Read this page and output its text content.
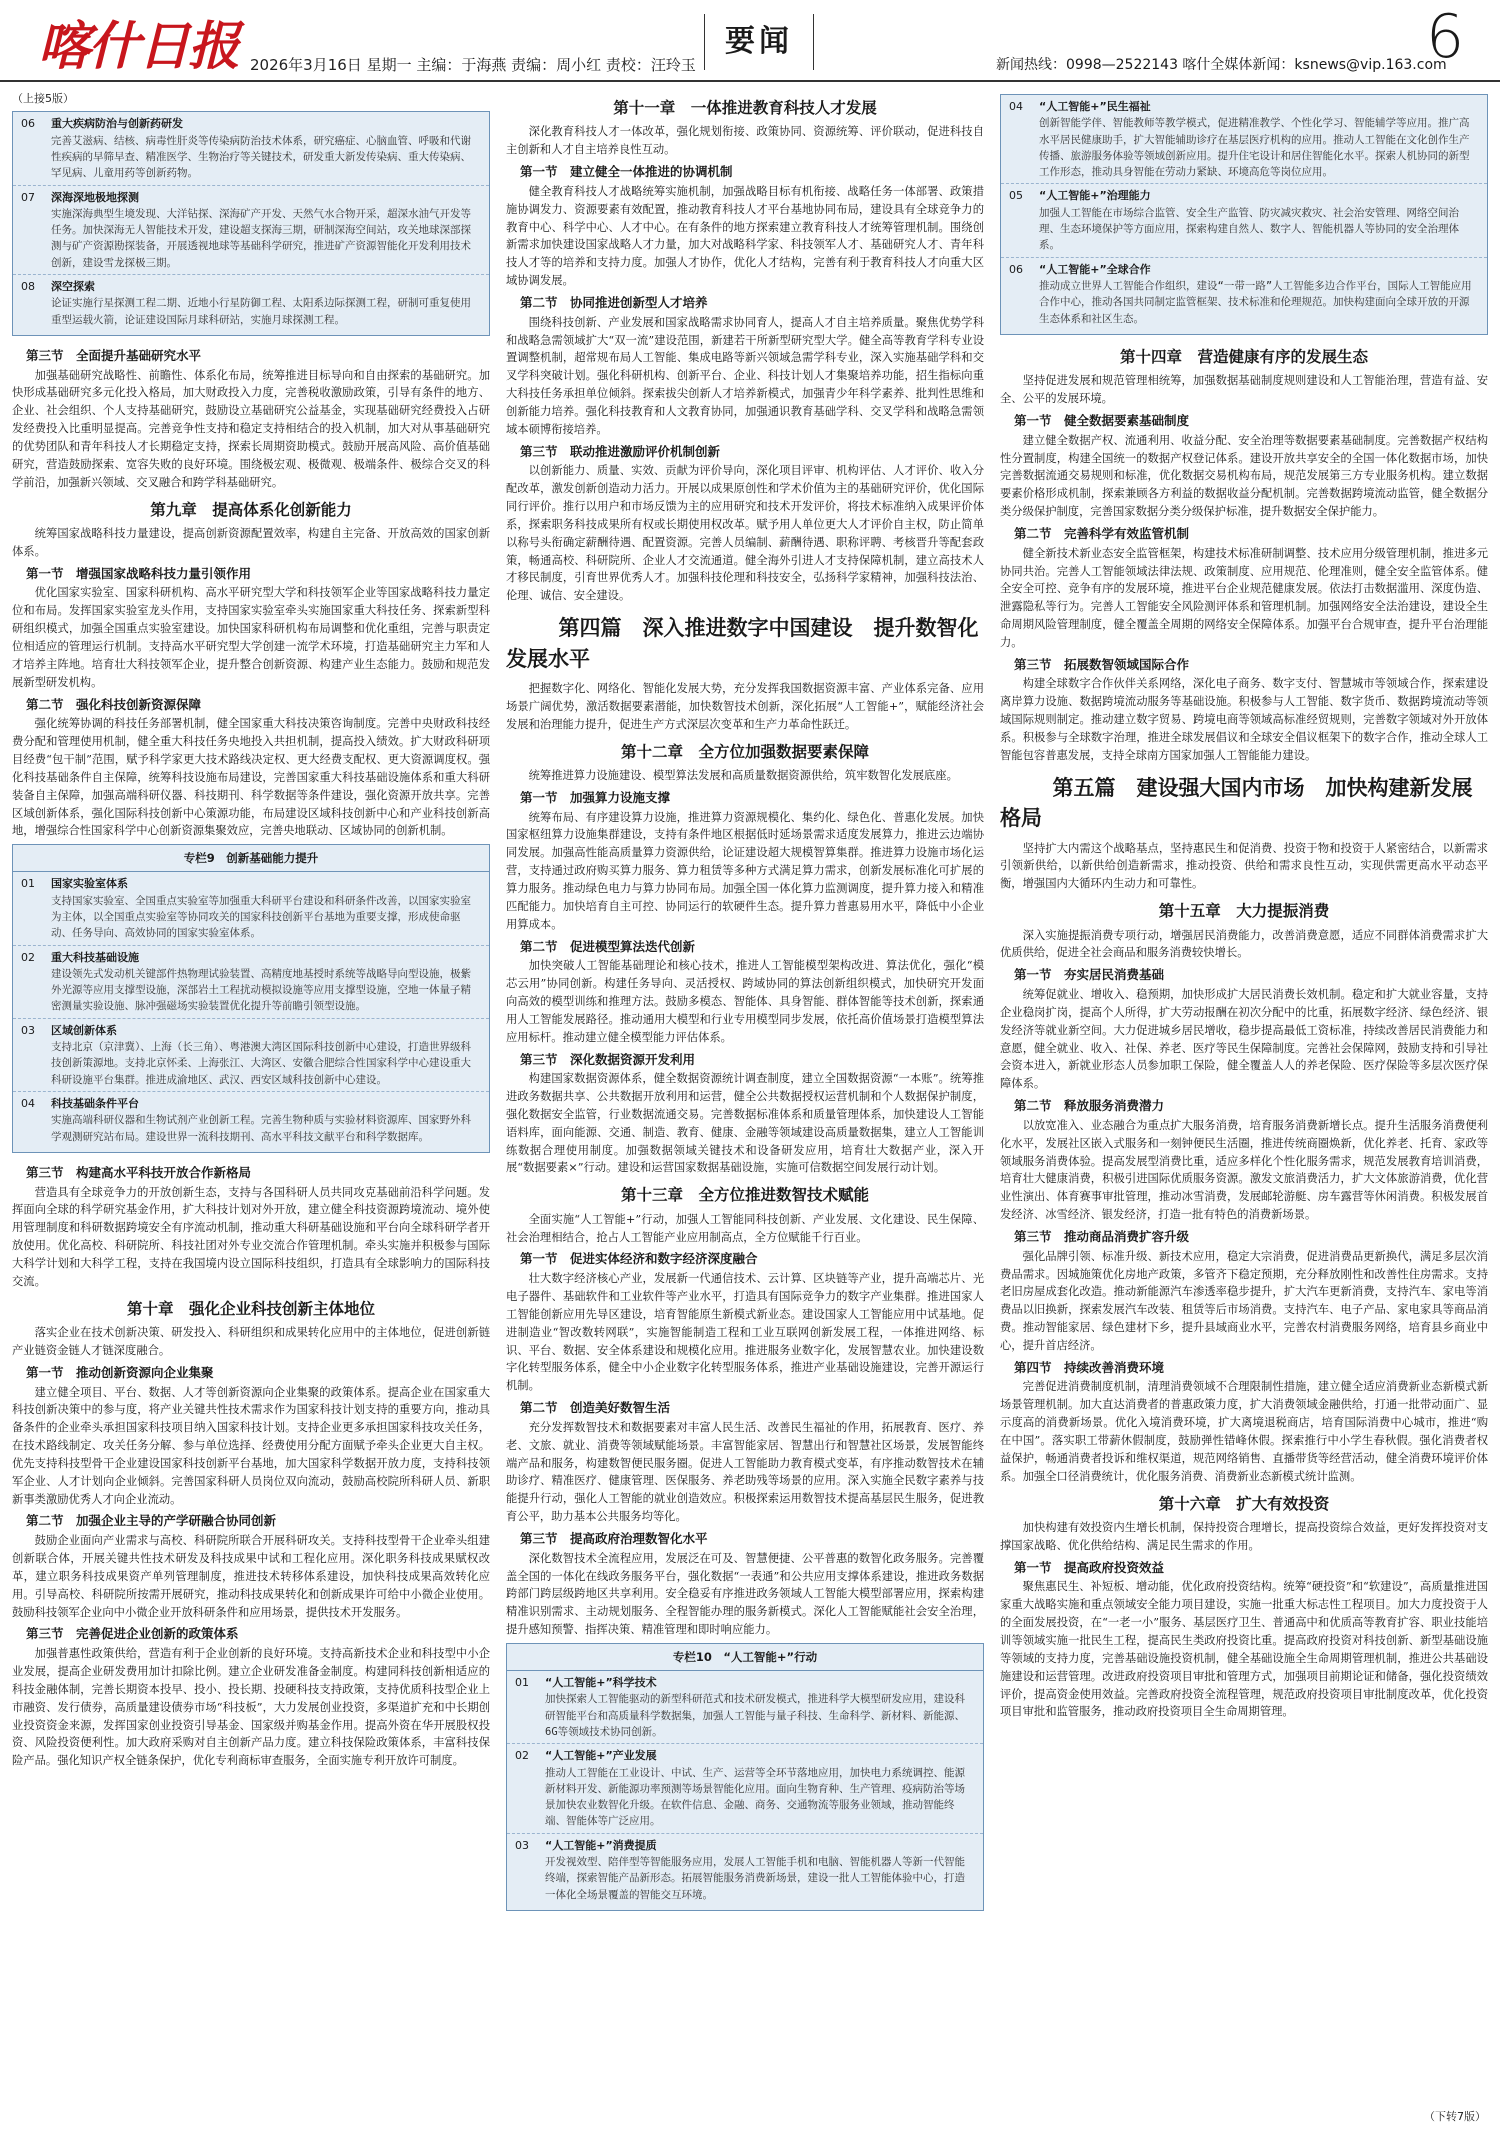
喀什日报 2026年3月16日 星期一 主编：于海燕 责编：周小红 责校：汪玲玉
要闻
新闻热线：0998—2522143 喀什全媒体新闻：ksnews@vip.163.com
6
（上接5版）
06	重大疾病防治与创新药研发
完善艾滋病、结核、病毒性肝炎等传染病防治技术体系，研究癌症、心脑血管、呼吸和代谢性疾病的早筛早查、精准医学、生物治疗等关键技术，研发重大新发传染病、重大传染病、罕见病、儿童用药等创新药物。
07	深海深地极地探测
实施深海典型生境发现、大洋钻探、深海矿产开发、天然气水合物开采，超深水油气开发等任务。加快深海无人智能技术开发，建设超支探海三期，研制深海空间站，攻关地球深部探测与矿产资源勘探装备，开展透视地球等基础科学研究，推进矿产资源智能化开发利用技术创新，建设雪龙探极三期。
08	深空探索
论证实施行星探测工程二期、近地小行星防御工程、太阳系边际探测工程，研制可重复使用重型运载火箭，论证建设国际月球科研站，实施月球探测工程。
第三节　全面提升基础研究水平

加强基础研究战略性、前瞻性、体系化布局，统筹推进目标导向和自由探索的基础研究。加快形成基础研究多元化投入格局，加大财政投入力度，完善税收激励政策，引导有条件的地方、企业、社会组织、个人支持基础研究，鼓励设立基础研究公益基金，实现基础研究经费投入占研发经费投入比重明显提高。完善竞争性支持和稳定支持相结合的投入机制，加大对从事基础研究的优势团队和青年科技人才长期稳定支持，探索长周期资助模式。鼓励开展高风险、高价值基础研究，营造鼓励探索、宽容失败的良好环境。围绕极宏观、极微观、极端条件、极综合交叉的科学前沿，加强新兴领域、交叉融合和跨学科基础研究。

第九章　提高体系化创新能力

统筹国家战略科技力量建设，提高创新资源配置效率，构建自主完备、开放高效的国家创新体系。

第一节　增强国家战略科技力量引领作用

优化国家实验室、国家科研机构、高水平研究型大学和科技领军企业等国家战略科技力量定位和布局。发挥国家实验室龙头作用，支持国家实验室牵头实施国家重大科技任务、探索新型科研组织模式，加强全国重点实验室建设。加快国家科研机构布局调整和优化重组，完善与职责定位相适应的管理运行机制。支持高水平研究型大学创建一流学术环境，打造基础研究主力军和人才培养主阵地。培育壮大科技领军企业，提升整合创新资源、构建产业生态能力。鼓励和规范发展新型研发机构。

第二节　强化科技创新资源保障

强化统筹协调的科技任务部署机制，健全国家重大科技决策咨询制度。完善中央财政科技经费分配和管理使用机制，健全重大科技任务央地投入共担机制，提高投入绩效。扩大财政科研项目经费“包干制”范围，赋予科学家更大技术路线决定权、更大经费支配权、更大资源调度权。强化科技基础条件自主保障，统筹科技设施布局建设，完善国家重大科技基础设施体系和重大科研装备自主保障，加强高端科研仪器、科技期刊、科学数据等条件建设，强化资源开放共享。完善区域创新体系，强化国际科技创新中心策源功能，布局建设区域科技创新中心和产业科技创新高地，增强综合性国家科学中心创新资源集聚效应，完善央地联动、区域协同的创新机制。

专栏9　创新基础能力提升
01	国家实验室体系
支持国家实验室、全国重点实验室等加强重大科研平台建设和科研条件改善，以国家实验室为主体，以全国重点实验室等协同攻关的国家科技创新平台基地为重要支撑，形成使命驱动、任务导向、高效协同的国家实验室体系。
02	重大科技基础设施
建设领先式发动机关键部件热物理试验装置、高精度地基授时系统等战略导向型设施，极紫外光源等应用支撑型设施，深部岩土工程扰动模拟设施等应用支撑型设施，空地一体量子精密测量实验设施、脉冲强磁场实验装置优化提升等前瞻引领型设施。
03	区域创新体系
支持北京（京津冀）、上海（长三角）、粤港澳大湾区国际科技创新中心建设，打造世界级科技创新策源地。支持北京怀柔、上海张江、大湾区、安徽合肥综合性国家科学中心建设重大科研设施平台集群。推进成渝地区、武汉、西安区域科技创新中心建设。
04	科技基础条件平台
实施高端科研仪器和生物试剂产业创新工程。完善生物种质与实验材料资源库、国家野外科学观测研究站布局。建设世界一流科技期刊、高水平科技文献平台和科学数据库。
第三节　构建高水平科技开放合作新格局

营造具有全球竞争力的开放创新生态，支持与各国科研人员共同攻克基础前沿科学问题。发挥面向全球的科学研究基金作用，扩大科技计划对外开放，建立健全科技资源跨境流动、境外使用管理制度和科研数据跨境安全有序流动机制，推动重大科研基础设施和平台向全球科研学者开放使用。优化高校、科研院所、科技社团对外专业交流合作管理机制。牵头实施并积极参与国际大科学计划和大科学工程，支持在我国境内设立国际科技组织，打造具有全球影响力的国际科技交流。

第十章　强化企业科技创新主体地位

落实企业在技术创新决策、研发投入、科研组织和成果转化应用中的主体地位，促进创新链产业链资金链人才链深度融合。

第一节　推动创新资源向企业集聚

建立健全项目、平台、数据、人才等创新资源向企业集聚的政策体系。提高企业在国家重大科技创新决策中的参与度，将产业关键共性技术需求作为国家科技计划支持的重要方向，推动具备条件的企业牵头承担国家科技项目纳入国家科技计划。支持企业更多承担国家科技攻关任务，在技术路线制定、攻关任务分解、参与单位选择、经费使用分配方面赋予牵头企业更大自主权。优先支持科技型骨干企业建设国家科技创新平台基地，加大国家科学数据开放力度，支持科技领军企业、人才计划向企业倾斜。完善国家科研人员岗位双向流动，鼓励高校院所科研人员、新职新事类激励优秀人才向企业流动。

第二节　加强企业主导的产学研融合协同创新

鼓励企业面向产业需求与高校、科研院所联合开展科研攻关。支持科技型骨干企业牵头组建创新联合体，开展关键共性技术研发及科技成果中试和工程化应用。深化职务科技成果赋权改革，建立职务科技成果资产单列管理制度，推进技术转移体系建设，加快科技成果高效转化应用。引导高校、科研院所按需开展研究，推动科技成果转化和创新成果许可给中小微企业使用。鼓励科技领军企业向中小微企业开放科研条件和应用场景，提供技术开发服务。

第三节　完善促进企业创新的政策体系

加强普惠性政策供给，营造有利于企业创新的良好环境。支持高新技术企业和科技型中小企业发展，提高企业研发费用加计扣除比例。建立企业研发准备金制度。构建同科技创新相适应的科技金融体制，完善长期资本投早、投小、投长期、投硬科技支持政策，支持优质科技型企业上市融资、发行债券，高质量建设债券市场“科技板”，大力发展创业投资，多渠道扩充和中长期创业投资资金来源，发挥国家创业投资引导基金、国家级并购基金作用。提高外资在华开展股权投资、风险投资便利性。加大政府采购对自主创新产品力度。建立科技保险政策体系，丰富科技保险产品。强化知识产权全链条保护，优化专利商标审查服务，全面实施专利开放许可制度。

第十一章　一体推进教育科技人才发展

深化教育科技人才一体改革，强化规划衔接、政策协同、资源统筹、评价联动，促进科技自主创新和人才自主培养良性互动。

第一节　建立健全一体推进的协调机制

健全教育科技人才战略统筹实施机制，加强战略目标有机衔接、战略任务一体部署、政策措施协调发力、资源要素有效配置，推动教育科技人才平台基地协同布局，建设具有全球竞争力的教育中心、科学中心、人才中心。在有条件的地方探索建立教育科技人才统筹管理机制。围绕创新需求加快建设国家战略人才力量，加大对战略科学家、科技领军人才、基础研究人才、青年科技人才等的培养和支持力度。加强人才协作，优化人才结构，完善有利于教育科技人才向重大区域协调发展。

第二节　协同推进创新型人才培养

围绕科技创新、产业发展和国家战略需求协同育人，提高人才自主培养质量。聚焦优势学科和战略急需领域扩大“双一流”建设范围，新建若干所新型研究型大学。健全高等教育学科专业设置调整机制，超常规布局人工智能、集成电路等新兴领域急需学科专业，深入实施基础学科和交叉学科突破计划。强化科研机构、创新平台、企业、科技计划人才集聚培养功能，招生指标向重大科技任务承担单位倾斜。探索拔尖创新人才培养新模式，加强青少年科学素养、批判性思维和创新能力培养。强化科技教育和人文教育协同，加强通识教育基础学科、交叉学科和战略急需领域本硕博衔接培养。

第三节　联动推进激励评价机制创新

以创新能力、质量、实效、贡献为评价导向，深化项目评审、机构评估、人才评价、收入分配改革，激发创新创造动力活力。开展以成果原创性和学术价值为主的基础研究评价，优化国际同行评价。推行以用户和市场反馈为主的应用研究和技术开发评价，将技术标准纳入成果评价体系，探索职务科技成果所有权或长期使用权改革。赋予用人单位更大人才评价自主权，防止简单以称号头衔确定薪酬待遇、配置资源。完善人员编制、薪酬待遇、职称评聘、考核晋升等配套政策，畅通高校、科研院所、企业人才交流通道。健全海外引进人才支持保障机制，建立高技术人才移民制度，引育世界优秀人才。加强科技伦理和科技安全，弘扬科学家精神，加强科技法治、伦理、诚信、安全建设。

第四篇　深入推进数字中国建设　提升数智化发展水平

把握数字化、网络化、智能化发展大势，充分发挥我国数据资源丰富、产业体系完备、应用场景广阔优势，激活数据要素潜能，加快数智技术创新，深化拓展“人工智能+”，赋能经济社会发展和治理能力提升，促进生产方式深层次变革和生产力革命性跃迁。

第十二章　全方位加强数据要素保障

统筹推进算力设施建设、模型算法发展和高质量数据资源供给，筑牢数智化发展底座。

第一节　加强算力设施支撑

统筹布局、有序建设算力设施，推进算力资源规模化、集约化、绿色化、普惠化发展。加快国家枢纽算力设施集群建设，支持有条件地区根据低时延场景需求适度发展算力，推进云边端协同发展。加强高性能高质量算力资源供给，论证建设超大规模智算集群。推进算力设施市场化运营，支持通过政府购买算力服务、算力租赁等多种方式满足算力需求，创新发展标准化可扩展的算力服务。推动绿色电力与算力协同布局。加强全国一体化算力监测调度，提升算力接入和精准匹配能力。加快培育自主可控、协同运行的软硬件生态。提升算力普惠易用水平，降低中小企业用算成本。

第二节　促进模型算法迭代创新

加快突破人工智能基础理论和核心技术，推进人工智能模型架构改进、算法优化，强化“模芯云用”协同创新。构建任务导向、灵活授权、跨域协同的算法创新组织模式，加快研究开发面向高效的模型训练和推理方法。鼓励多模态、智能体、具身智能、群体智能等技术创新，探索通用人工智能发展路径。推动通用大模型和行业专用模型同步发展，依托高价值场景打造模型算法应用标杆。推动建立健全模型能力评估体系。

第三节　深化数据资源开发利用

构建国家数据资源体系，健全数据资源统计调查制度，建立全国数据资源“一本账”。统筹推进政务数据共享、公共数据开放利用和运营，健全公共数据授权运营机制和个人数据保护制度，强化数据安全监管，行业数据流通交易。完善数据标准体系和质量管理体系，加快建设人工智能语料库，面向能源、交通、制造、教育、健康、金融等领域建设高质量数据集，建立人工智能训练数据合理使用制度。加强数据领域关键技术和设备研发应用，培育壮大数据产业，深入开展“数据要素×”行动。建设和运营国家数据基础设施，实施可信数据空间发展行动计划。

第十三章　全方位推进数智技术赋能

全面实施“人工智能+”行动，加强人工智能同科技创新、产业发展、文化建设、民生保障、社会治理相结合，抢占人工智能产业应用制高点，全方位赋能千行百业。

第一节　促进实体经济和数字经济深度融合

壮大数字经济核心产业，发展新一代通信技术、云计算、区块链等产业，提升高端芯片、光电子器件、基础软件和工业软件等产业水平，打造具有国际竞争力的数字产业集群。推进国家人工智能创新应用先导区建设，培育智能原生新模式新业态。建设国家人工智能应用中试基地。促进制造业“智改数转网联”，实施智能制造工程和工业互联网创新发展工程，一体推进网络、标识、平台、数据、安全体系建设和规模化应用。推进服务业数字化，发展智慧农业。加快建设数字化转型服务体系，健全中小企业数字化转型服务体系，推进产业基础设施建设，完善开源运行机制。

第二节　创造美好数智生活

充分发挥数智技术和数据要素对丰富人民生活、改善民生福祉的作用，拓展教育、医疗、养老、文旅、就业、消费等领域赋能场景。丰富智能家居、智慧出行和智慧社区场景，发展智能终端产品和服务，构建数智便民服务圈。促进人工智能助力教育模式变革，有序推动数智技术在辅助诊疗、精准医疗、健康管理、医保服务、养老助残等场景的应用。深入实施全民数字素养与技能提升行动，强化人工智能的就业创造效应。积极探索运用数智技术提高基层民生服务，促进教育公平，助力基本公共服务均等化。

第三节　提高政府治理数智化水平

深化数智技术全流程应用，发展泛在可及、智慧便捷、公平普惠的数智化政务服务。完善覆盖全国的一体化在线政务服务平台，强化数据“一表通”和公共应用支撑体系建设，推进政务数据跨部门跨层级跨地区共享利用。安全稳妥有序推进政务领域人工智能大模型部署应用，探索构建精准识别需求、主动规划服务、全程智能办理的服务新模式。深化人工智能赋能社会安全治理，提升感知预警、指挥决策、精准管理和即时响应能力。

专栏10　“人工智能+”行动
01	“人工智能+”科学技术
加快探索人工智能驱动的新型科研范式和技术研发模式，推进科学大模型研发应用，建设科研智能平台和高质量科学数据集，加强人工智能与量子科技、生命科学、新材料、新能源、6G等领域技术协同创新。
02	“人工智能+”产业发展
推动人工智能在工业设计、中试、生产、运营等全环节落地应用，加快电力系统调控、能源新材料开发、新能源功率预测等场景智能化应用。面向生物育种、生产管理、疫病防治等场景加快农业数智化升级。在软件信息、金融、商务、交通物流等服务业领域，推动智能终端、智能体等广泛应用。
03	“人工智能+”消费提质
开发视效型、陪伴型等智能服务应用，发展人工智能手机和电脑、智能机器人等新一代智能终端，探索智能产品新形态。拓展智能服务消费新场景，建设一批人工智能体验中心，打造一体化全场景覆盖的智能交互环境。
04	“人工智能+”民生福祉
创新智能学伴、智能教师等教学模式，促进精准教学、个性化学习、智能辅学等应用。推广高水平居民健康助手，扩大智能辅助诊疗在基层医疗机构的应用。推动人工智能在文化创作生产传播、旅游服务体验等领域创新应用。提升住宅设计和居住智能化水平。探索人机协同的新型工作形态，推动具身智能在劳动力紧缺、环境高危等岗位应用。
05	“人工智能+”治理能力
加强人工智能在市场综合监管、安全生产监管、防灾减灾救灾、社会治安管理、网络空间治理、生态环境保护等方面应用，探索构建自然人、数字人、智能机器人等协同的安全治理体系。
06	“人工智能+”全球合作
推动成立世界人工智能合作组织，建设“一带一路”人工智能多边合作平台，国际人工智能应用合作中心，推动各国共同制定监管框架、技术标准和伦理规范。加快构建面向全球开放的开源生态体系和社区生态。
第十四章　营造健康有序的发展生态

坚持促进发展和规范管理相统筹，加强数据基础制度规则建设和人工智能治理，营造有益、安全、公平的发展环境。

第一节　健全数据要素基础制度

建立健全数据产权、流通利用、收益分配、安全治理等数据要素基础制度。完善数据产权结构性分置制度，构建全国统一的数据产权登记体系。建设开放共享安全的全国一体化数据市场，加快完善数据流通交易规则和标准，优化数据交易机构布局，规范发展第三方专业服务机构。建立数据要素价格形成机制，探索兼顾各方利益的数据收益分配机制。完善数据跨境流动监管，健全数据分类分级保护制度，完善国家数据分类分级保护标准，提升数据安全保护能力。

第二节　完善科学有效监管机制

健全新技术新业态安全监管框架，构建技术标准研制调整、技术应用分级管理机制，推进多元协同共治。完善人工智能领域法律法规、政策制度、应用规范、伦理准则，健全安全监管体系。健全安全可控、竞争有序的发展环境，推进平台企业规范健康发展。依法打击数据滥用、深度伪造、泄露隐私等行为。完善人工智能安全风险测评体系和管理机制。加强网络安全法治建设，建设全生命周期风险管理制度，健全覆盖全周期的网络安全保障体系。加强平台合规审查，提升平台治理能力。

第三节　拓展数智领域国际合作

构建全球数字合作伙伴关系网络，深化电子商务、数字支付、智慧城市等领域合作，探索建设离岸算力设施、数据跨境流动服务等基础设施。积极参与人工智能、数字货币、数据跨境流动等领域国际规则制定。推动建立数字贸易、跨境电商等领域高标准经贸规则，完善数字领域对外开放体系。积极参与全球数字治理，推进全球发展倡议和全球安全倡议框架下的数字合作，推动全球人工智能包容普惠发展，支持全球南方国家加强人工智能能力建设。

第五篇　建设强大国内市场　加快构建新发展格局

坚持扩大内需这个战略基点，坚持惠民生和促消费、投资于物和投资于人紧密结合，以新需求引领新供给，以新供给创造新需求，推动投资、供给和需求良性互动，实现供需更高水平动态平衡，增强国内大循环内生动力和可靠性。

第十五章　大力提振消费

深入实施提振消费专项行动，增强居民消费能力，改善消费意愿，适应不同群体消费需求扩大优质供给，促进全社会商品和服务消费较快增长。

第一节　夯实居民消费基础

统筹促就业、增收入、稳预期，加快形成扩大居民消费长效机制。稳定和扩大就业容量，支持企业稳岗扩岗，提高个人所得，扩大劳动报酬在初次分配中的比重，拓展数字经济、绿色经济、银发经济等就业新空间。大力促进城乡居民增收，稳步提高最低工资标准，持续改善居民消费能力和意愿，健全就业、收入、社保、养老、医疗等民生保障制度。完善社会保障网，鼓励支持和引导社会资本进入，新就业形态人员参加职工保险，健全覆盖人人的养老保险、医疗保险等多层次医疗保障体系。

第二节　释放服务消费潜力

以放宽准入、业态融合为重点扩大服务消费，培育服务消费新增长点。提升生活服务消费便利化水平，发展社区嵌入式服务和一刻钟便民生活圈，推进传统商圈焕新，优化养老、托育、家政等领域服务消费体验。提高发展型消费比重，适应多样化个性化服务需求，规范发展教育培训消费，培育壮大健康消费，积极引进国际优质服务资源。激发文旅消费活力，扩大文体旅游消费，优化营业性演出、体育赛事审批管理，推动冰雪消费，发展邮轮游艇、房车露营等休闲消费。积极发展首发经济、冰雪经济、银发经济，打造一批有特色的消费新场景。

第三节　推动商品消费扩容升级

强化品牌引领、标准升级、新技术应用，稳定大宗消费，促进消费品更新换代，满足多层次消费品需求。因城施策优化房地产政策，多管齐下稳定预期，充分释放刚性和改善性住房需求。支持老旧房屋成套化改造。推动新能源汽车渗透率稳步提升，扩大汽车更新消费，支持汽车、家电等消费品以旧换新，探索发展汽车改装、租赁等后市场消费。支持汽车、电子产品、家电家具等商品消费。推动智能家居、绿色建材下乡，提升县域商业水平，完善农村消费服务网络，培育县乡商业中心，提升首店经济。

第四节　持续改善消费环境

完善促进消费制度机制，清理消费领域不合理限制性措施，建立健全适应消费新业态新模式新场景管理机制。加大直达消费者的普惠政策力度，扩大消费领域金融供给，打通一批带动面广、显示度高的消费新场景。优化入境消费环境，扩大离境退税商店，培育国际消费中心城市，推进“购在中国”。落实职工带薪休假制度，鼓励弹性错峰休假。探索推行中小学生春秋假。强化消费者权益保护，畅通消费者投诉和维权渠道，规范网络销售、直播带货等经营活动，健全消费环境评价体系。加强全口径消费统计，优化服务消费、消费新业态新模式统计监测。

第十六章　扩大有效投资

加快构建有效投资内生增长机制，保持投资合理增长，提高投资综合效益，更好发挥投资对支撑国家战略、优化供给结构、满足民生需求的作用。

第一节　提高政府投资效益

聚焦惠民生、补短板、增动能，优化政府投资结构。统筹“硬投资”和“软建设”，高质量推进国家重大战略实施和重点领域安全能力项目建设，实施一批重大标志性工程项目。加大力度投资于人的全面发展投资，在“一老一小”服务、基层医疗卫生、普通高中和优质高等教育扩容、职业技能培训等领域实施一批民生工程，提高民生类政府投资比重。提高政府投资对科技创新、新型基础设施等领域的支持力度，完善基础设施投资机制，健全基础设施全生命周期管理机制，推进公共基础设施建设和运营管理。改进政府投资项目审批和管理方式，加强项目前期论证和储备，强化投资绩效评价，提高资金使用效益。完善政府投资全流程管理，规范政府投资项目审批制度改革，优化投资项目审批和监管服务，推动政府投资项目全生命周期管理。

（下转7版）
